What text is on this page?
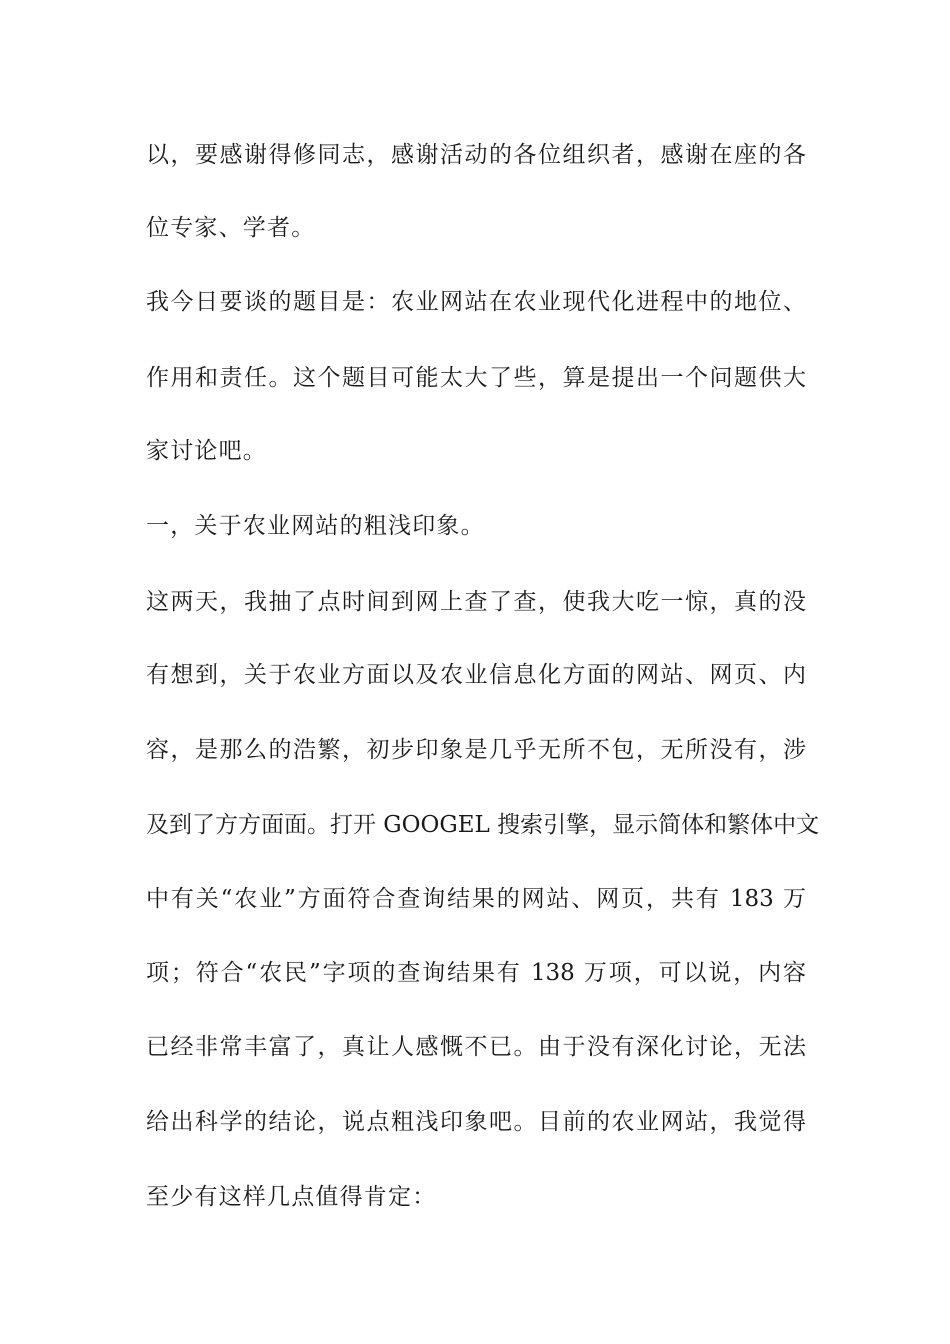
以，要感谢得修同志，感谢活动的各位组织者，感谢在座的各
位专家、学者。
我今日要谈的题目是：农业网站在农业现代化进程中的地位、
作用和责任。这个题目可能太大了些，算是提出一个问题供大
家讨论吧。
一，关于农业网站的粗浅印象。
这两天，我抽了点时间到网上查了查，使我大吃一惊，真的没
有想到，关于农业方面以及农业信息化方面的网站、网页、内
容，是那么的浩繁，初步印象是几乎无所不包，无所没有，涉
及到了方方面面。打开 GOOGEL 搜索引擎，显示简体和繁体中文
中有关“农业”方面符合查询结果的网站、网页，共有 183 万
项；符合“农民”字项的查询结果有 138 万项，可以说，内容
已经非常丰富了，真让人感慨不已。由于没有深化讨论，无法
给出科学的结论，说点粗浅印象吧。目前的农业网站，我觉得
至少有这样几点值得肯定：
